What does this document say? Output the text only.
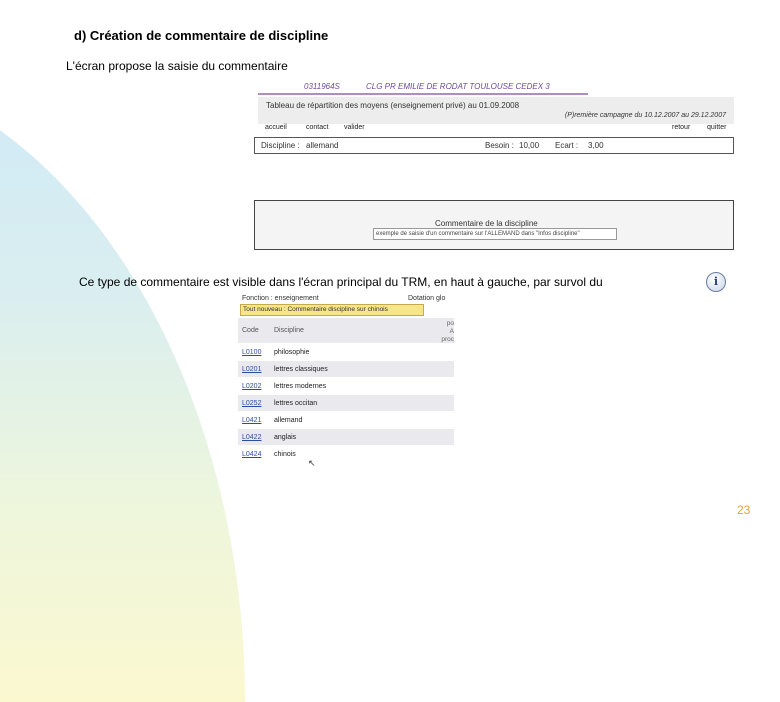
d) Création de commentaire de discipline
L'écran propose la saisie du commentaire
0311964S	CLG PR EMILIE DE RODAT TOULOUSE CEDEX 3
Tableau de répartition des moyens (enseignement privé) au 01.09.2008
(P)remière campagne du 10.12.2007 au 29.12.2007
accueil	contact valider	retour quitter
Discipline : allemand	Besoin : 10,00 Ecart : 3,00
Commentaire de la discipline
exemple de saisie d'un commentaire sur l'ALLEMAND dans "Infos discipline"
Ce type de commentaire est visible dans l'écran principal du TRM, en haut à gauche, par survol du	i
Fonction : enseignement	Dotation glo
Code	Discipline	
L0100	philosophie	
L0201	lettres classiques	
L0202	lettres modernes	
L0252	lettres occitan	
L0421	allemand	
L0422	anglais	
L0424	chinois	
Tout nouveau : Commentaire discipline sur chinois
po
A
proc
↖
23
